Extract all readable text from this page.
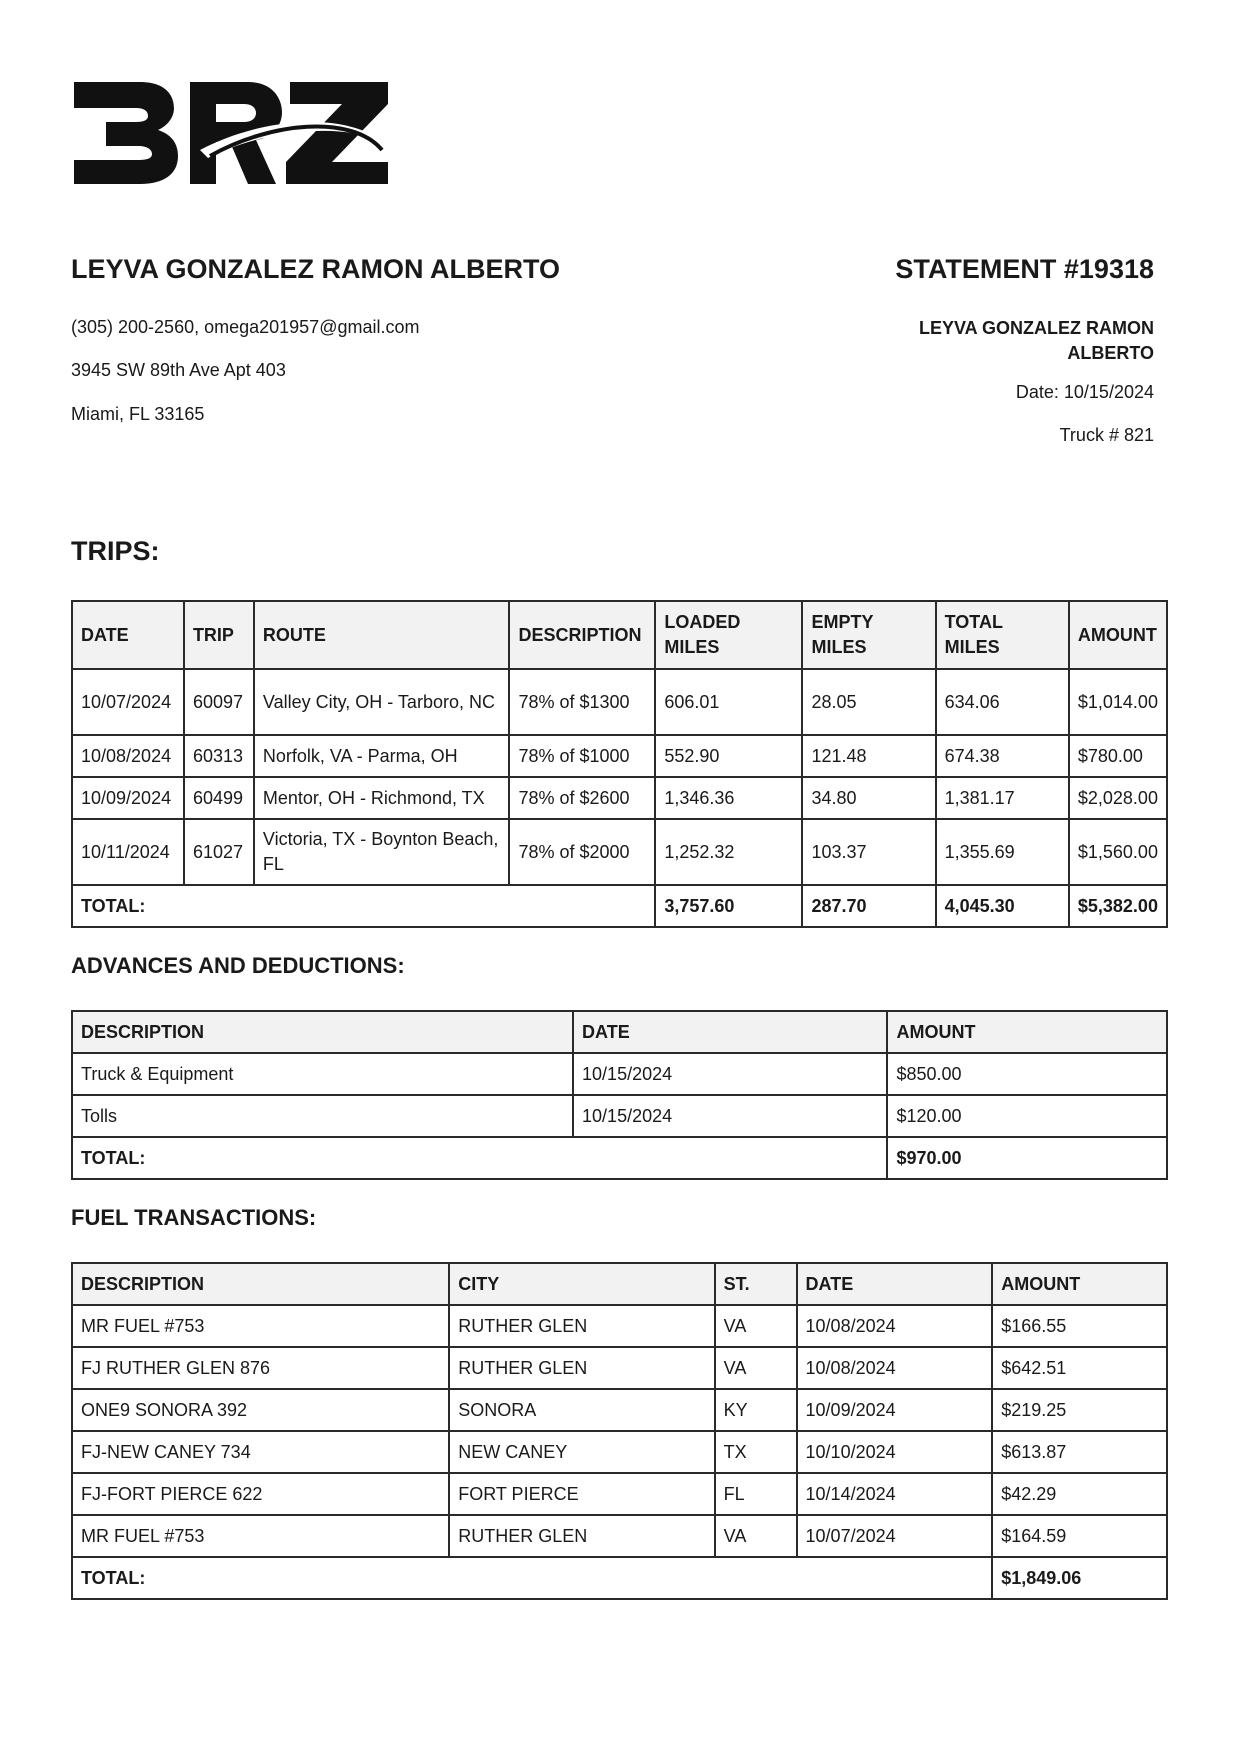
LEYVA GONZALEZ RAMON ALBERTO
(305) 200-2560, omega201957@gmail.com
3945 SW 89th Ave Apt 403
Miami, FL 33165
STATEMENT #19318
LEYVA GONZALEZ RAMON ALBERTO
Date: 10/15/2024
Truck # 821
TRIPS:
DATE	TRIP	ROUTE	DESCRIPTION	LOADED MILES	EMPTY MILES	TOTAL MILES	AMOUNT
10/07/2024	60097	Valley City, OH - Tarboro, NC	78% of $1300	606.01	28.05	634.06	$1,014.00
10/08/2024	60313	Norfolk, VA - Parma, OH	78% of $1000	552.90	121.48	674.38	$780.00
10/09/2024	60499	Mentor, OH - Richmond, TX	78% of $2600	1,346.36	34.80	1,381.17	$2,028.00
10/11/2024	61027	Victoria, TX - Boynton Beach, FL	78% of $2000	1,252.32	103.37	1,355.69	$1,560.00
TOTAL:				3,757.60	287.70	4,045.30	$5,382.00
ADVANCES AND DEDUCTIONS:
DESCRIPTION	DATE	AMOUNT
Truck & Equipment	10/15/2024	$850.00
Tolls	10/15/2024	$120.00
TOTAL:		$970.00
FUEL TRANSACTIONS:
DESCRIPTION	CITY	ST.	DATE	AMOUNT
MR FUEL #753	RUTHER GLEN	VA	10/08/2024	$166.55
FJ RUTHER GLEN 876	RUTHER GLEN	VA	10/08/2024	$642.51
ONE9 SONORA 392	SONORA	KY	10/09/2024	$219.25
FJ-NEW CANEY 734	NEW CANEY	TX	10/10/2024	$613.87
FJ-FORT PIERCE 622	FORT PIERCE	FL	10/14/2024	$42.29
MR FUEL #753	RUTHER GLEN	VA	10/07/2024	$164.59
TOTAL:				$1,849.06
